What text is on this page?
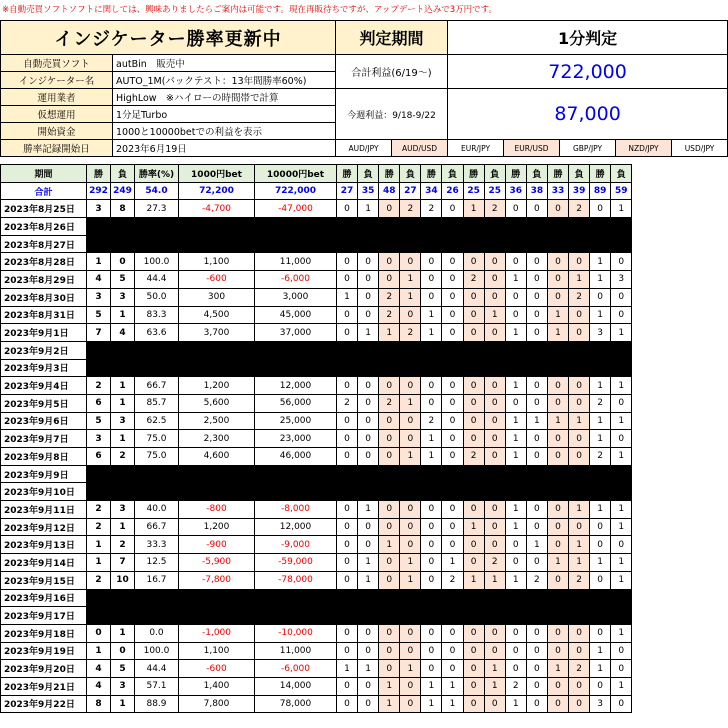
※自動売買ソフトソフトに関しては、興味ありましたらご案内は可能です。現在再販待ちですが、アップデート込みで3万円です。
インジケーター勝率更新中		判定期間		1分判定				

自動売買ソフト	autBin　販売中	合計利益(6/19〜)		722,000				
インジケーター名	AUTO_1M(バックテスト：13年間勝率60%)							
運用業者	HighLow　※ハイローの時間帯で計算	今週利益：9/18-9/22		87,000				
仮想運用	1分足Turbo							
開始資金	1000と10000betでの利益を表示							
勝率記録開始日	2023年6月19日	AUD/JPY	AUD/USD	EUR/JPY	EUR/USD	GBP/JPY	NZD/JPY	USD/JPY
期間	勝	負	勝率(%)	1000円bet	10000円bet	勝	負	勝	負	勝	負	勝	負	勝	負	勝	負	勝	負
合計	292	249	54.0	72,200	722,000	27	35	48	27	34	26	25	25	36	38	33	39	89	59
2023年8月25日	3	8	27.3	-4,700	-47,000	0	1	0	2	2	0	1	2	0	0	0	2	0	1
2023年8月26日																			
2023年8月27日																			
2023年8月28日	1	0	100.0	1,100	11,000	0	0	0	0	0	0	0	0	0	0	0	0	1	0
2023年8月29日	4	5	44.4	-600	-6,000	0	0	0	1	0	0	2	0	1	0	0	1	1	3
2023年8月30日	3	3	50.0	300	3,000	1	0	2	1	0	0	0	0	0	0	0	2	0	0
2023年8月31日	5	1	83.3	4,500	45,000	0	0	2	0	1	0	0	1	0	0	1	0	1	0
2023年9月1日	7	4	63.6	3,700	37,000	0	1	1	2	1	0	0	0	1	0	1	0	3	1
2023年9月2日																			
2023年9月3日																			
2023年9月4日	2	1	66.7	1,200	12,000	0	0	0	0	0	0	0	0	1	0	0	0	1	1
2023年9月5日	6	1	85.7	5,600	56,000	2	0	2	1	0	0	0	0	0	0	0	0	2	0
2023年9月6日	5	3	62.5	2,500	25,000	0	0	0	0	2	0	0	0	1	1	1	1	1	1
2023年9月7日	3	1	75.0	2,300	23,000	0	0	0	0	1	0	0	0	1	0	0	0	1	0
2023年9月8日	6	2	75.0	4,600	46,000	0	0	0	1	1	0	2	0	1	0	0	0	2	1
2023年9月9日																			
2023年9月10日																			
2023年9月11日	2	3	40.0	-800	-8,000	0	1	0	0	0	0	0	0	1	0	0	1	1	1
2023年9月12日	2	1	66.7	1,200	12,000	0	0	0	0	0	0	1	0	1	0	0	0	0	1
2023年9月13日	1	2	33.3	-900	-9,000	0	0	1	0	0	0	0	0	0	1	0	1	0	0
2023年9月14日	1	7	12.5	-5,900	-59,000	0	1	0	1	0	1	0	2	0	0	1	1	1	1
2023年9月15日	2	10	16.7	-7,800	-78,000	0	1	0	1	0	2	1	1	1	2	0	2	0	1
2023年9月16日																			
2023年9月17日																			
2023年9月18日	0	1	0.0	-1,000	-10,000	0	0	0	0	0	0	0	0	0	0	0	0	0	1
2023年9月19日	1	0	100.0	1,100	11,000	0	0	0	0	0	0	0	0	0	0	0	0	1	0
2023年9月20日	4	5	44.4	-600	-6,000	1	1	0	1	0	0	0	1	0	0	1	2	1	0
2023年9月21日	4	3	57.1	1,400	14,000	0	0	1	0	1	1	0	1	2	0	0	0	0	1
2023年9月22日	8	1	88.9	7,800	78,000	0	0	1	0	1	1	0	0	1	0	0	0	3	0
